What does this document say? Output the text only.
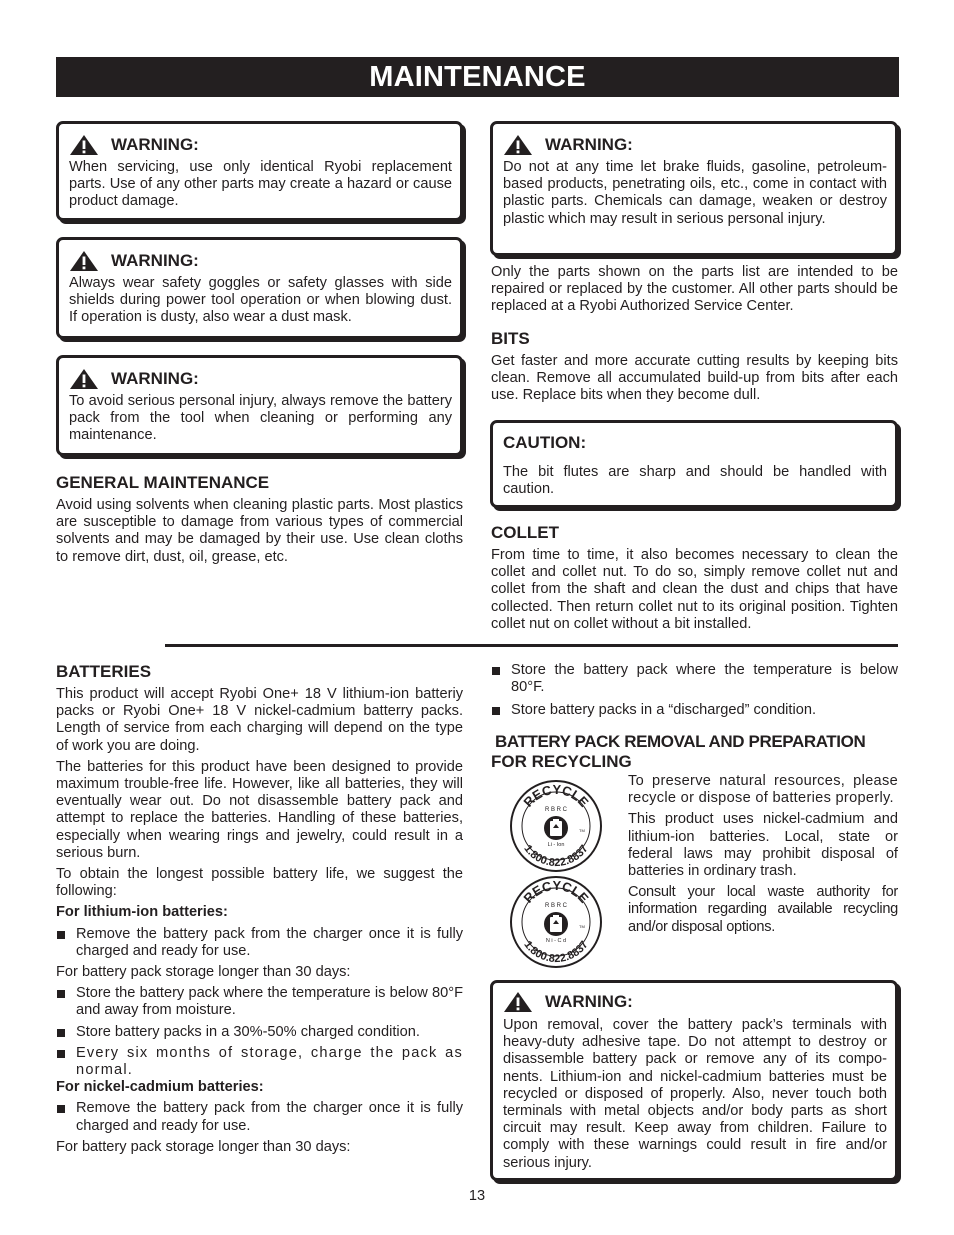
MAINTENANCE
WARNING:

When servicing, use only identical Ryobi replacement parts. Use of any other parts may create a hazard or cause product damage.

WARNING:

Always wear safety goggles or safety glasses with side shields during power tool operation or when blowing dust. If operation is dusty, also wear a dust mask.

WARNING:

To avoid serious personal injury, always remove the battery pack from the tool when cleaning or performing any maintenance.

GENERAL MAINTENANCE

Avoid using solvents when cleaning plastic parts. Most plastics are susceptible to damage from various types of commercial solvents and may be damaged by their use. Use clean cloths to remove dirt, dust, oil, grease, etc.

WARNING:

Do not at any time let brake fluids, gasoline, petroleum-based products, penetrating oils, etc., come in contact with plastic parts. Chemicals can damage, weaken or destroy plastic which may result in serious personal injury.

Only the parts shown on the parts list are intended to be repaired or replaced by the customer. All other parts should be replaced at a Ryobi Authorized Service Center.

BITS

Get faster and more accurate cutting results by keeping bits clean. Remove all accumulated build-up from bits after each use. Replace bits when they become dull.

CAUTION:

The bit flutes are sharp and should be handled with caution.

COLLET

From time to time, it also becomes necessary to clean the collet and collet nut. To do so, simply remove collet nut and collet from the shaft and clean the dust and chips that have collected. Then return collet nut to its original position. Tighten collet nut on collet without a bit installed.

BATTERIES

This product will accept Ryobi One+ 18 V lithium-ion batteriy packs or Ryobi One+ 18 V nickel-cadmium batterry packs. Length of service from each charging will depend on the type of work you are doing.

The batteries for this product have been designed to provide maximum trouble-free life. However, like all batteries, they will eventually wear out. Do not disassemble battery pack and attempt to replace the batteries. Handling of these batteries, especially when wearing rings and jewelry, could result in a serious burn.

To obtain the longest possible battery life, we suggest the following:

For lithium-ion batteries:
Remove the battery pack from the charger once it is fully charged and ready for use.

For battery pack storage longer than 30 days:

Store the battery pack where the temperature is below 80°F and away from moisture.
Store battery packs in a 30%-50% charged condition.
Every six months of storage, charge the pack as normal.
For nickel-cadmium batteries:
Remove the battery pack from the charger once it is fully charged and ready for use.

For battery pack storage longer than 30 days:

Store the battery pack where the temperature is below 80°F.
Store battery packs in a “discharged” condition.
BATTERY PACK REMOVAL AND PREPARATION
FOR RECYCLING
RECYCLE
R B R C
Li - Ion
TM
1.800.822.8837
RECYCLE
R B R C
N i - C d
TM
1.800.822.8837

To preserve natural resources, please recycle or dispose of batteries properly.

This product uses nickel-cadmium and lithium-ion batteries. Local, state or federal laws may prohibit disposal of batteries in ordinary trash.

Consult your local waste authority for information regarding available recycling and/or disposal options.

WARNING:

Upon removal, cover the battery pack’s terminals with heavy-duty adhesive tape. Do not attempt to destroy or disassemble battery pack or remove any of its compo-nents. Lithium-ion and nickel-cadmium batteries must be recycled or disposed of properly. Also, never touch both terminals with metal objects and/or body parts as short circuit may result. Keep away from children. Failure to comply with these warnings could result in fire and/or serious injury.

13
